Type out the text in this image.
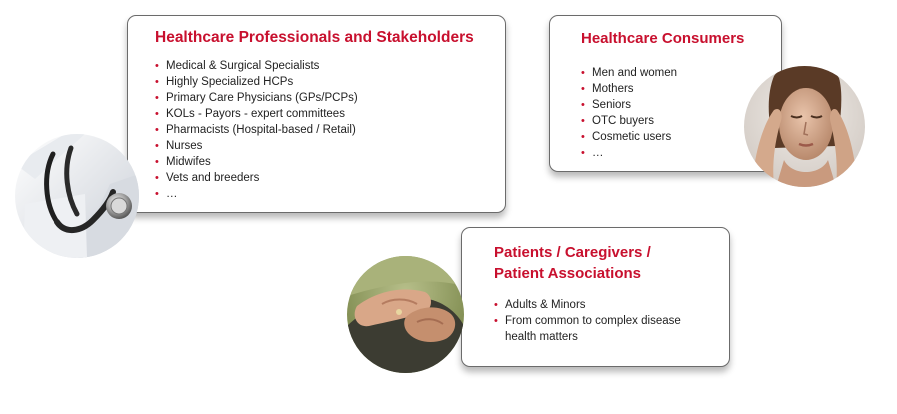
Healthcare Professionals and Stakeholders
• Medical & Surgical Specialists
• Highly Specialized HCPs
• Primary Care Physicians (GPs/PCPs)
• KOLs - Payors - expert committees
• Pharmacists (Hospital-based / Retail)
• Nurses
• Midwifes
• Vets and breeders
• …
Healthcare Consumers
• Men and women
• Mothers
• Seniors
• OTC buyers
• Cosmetic users
• …
Patients / Caregivers /
Patient Associations
• Adults & Minors
• From common to complex disease health matters
